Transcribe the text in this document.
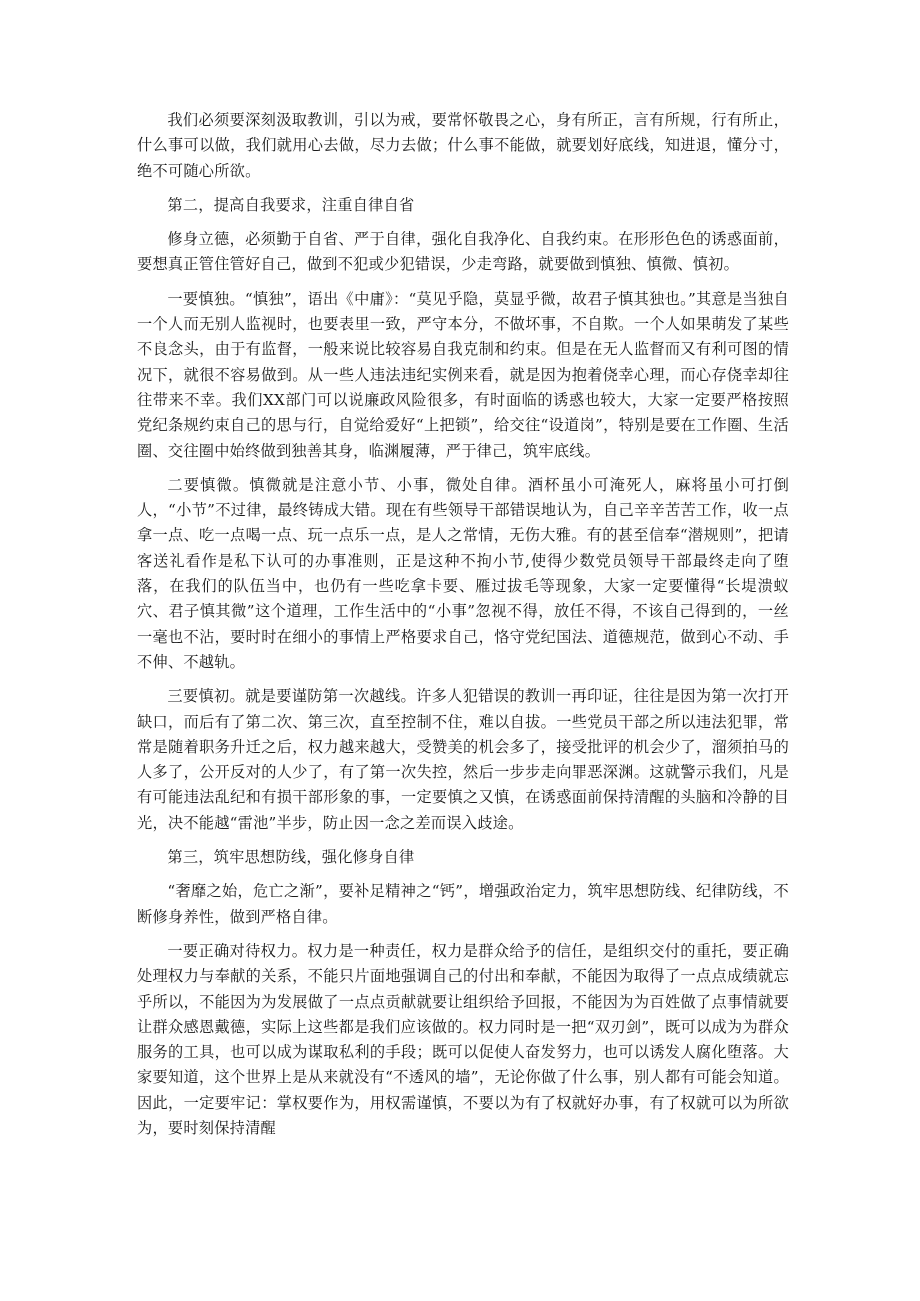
我们必须要深刻汲取教训，引以为戒，要常怀敬畏之心，身有所正，言有所规，行有所止，什么事可以做，我们就用心去做，尽力去做；什么事不能做，就要划好底线，知进退，懂分寸，绝不可随心所欲。

第二，提高自我要求，注重自律自省

修身立德，必须勤于自省、严于自律，强化自我净化、自我约束。在形形色色的诱惑面前，要想真正管住管好自己，做到不犯或少犯错误，少走弯路，就要做到慎独、慎微、慎初。

一要慎独。“慎独”，语出《中庸》：“莫见乎隐，莫显乎微，故君子慎其独也。”其意是当独自一个人而无别人监视时，也要表里一致，严守本分，不做坏事，不自欺。一个人如果萌发了某些不良念头，由于有监督，一般来说比较容易自我克制和约束。但是在无人监督而又有利可图的情况下，就很不容易做到。从一些人违法违纪实例来看，就是因为抱着侥幸心理，而心存侥幸却往往带来不幸。我们XX部门可以说廉政风险很多，有时面临的诱惑也较大，大家一定要严格按照党纪条规约束自己的思与行，自觉给爱好“上把锁”，给交往“设道岗”，特别是要在工作圈、生活圈、交往圈中始终做到独善其身，临渊履薄，严于律己，筑牢底线。

二要慎微。慎微就是注意小节、小事，微处自律。酒杯虽小可淹死人，麻将虽小可打倒人，“小节”不过律，最终铸成大错。现在有些领导干部错误地认为，自己辛辛苦苦工作，收一点拿一点、吃一点喝一点、玩一点乐一点，是人之常情，无伤大雅。有的甚至信奉“潜规则”，把请客送礼看作是私下认可的办事准则，正是这种不拘小节,使得少数党员领导干部最终走向了堕落，在我们的队伍当中，也仍有一些吃拿卡要、雁过拔毛等现象，大家一定要懂得“长堤溃蚁穴、君子慎其微”这个道理，工作生活中的“小事”忽视不得，放任不得，不该自己得到的，一丝一毫也不沾，要时时在细小的事情上严格要求自己，恪守党纪国法、道德规范，做到心不动、手不伸、不越轨。

三要慎初。就是要谨防第一次越线。许多人犯错误的教训一再印证，往往是因为第一次打开缺口，而后有了第二次、第三次，直至控制不住，难以自拔。一些党员干部之所以违法犯罪，常常是随着职务升迁之后，权力越来越大，受赞美的机会多了，接受批评的机会少了，溜须拍马的人多了，公开反对的人少了，有了第一次失控，然后一步步走向罪恶深渊。这就警示我们，凡是有可能违法乱纪和有损干部形象的事，一定要慎之又慎，在诱惑面前保持清醒的头脑和冷静的目光，决不能越“雷池”半步，防止因一念之差而误入歧途。

第三，筑牢思想防线，强化修身自律

“奢靡之始，危亡之渐”，要补足精神之“钙”，增强政治定力，筑牢思想防线、纪律防线，不断修身养性，做到严格自律。

一要正确对待权力。权力是一种责任，权力是群众给予的信任，是组织交付的重托，要正确处理权力与奉献的关系，不能只片面地强调自己的付出和奉献，不能因为取得了一点点成绩就忘乎所以，不能因为为发展做了一点点贡献就要让组织给予回报，不能因为为百姓做了点事情就要让群众感恩戴德，实际上这些都是我们应该做的。权力同时是一把“双刃剑”，既可以成为为群众服务的工具，也可以成为谋取私利的手段；既可以促使人奋发努力，也可以诱发人腐化堕落。大家要知道，这个世界上是从来就没有“不透风的墙”，无论你做了什么事，别人都有可能会知道。因此，一定要牢记：掌权要作为，用权需谨慎，不要以为有了权就好办事，有了权就可以为所欲为，要时刻保持清醒
